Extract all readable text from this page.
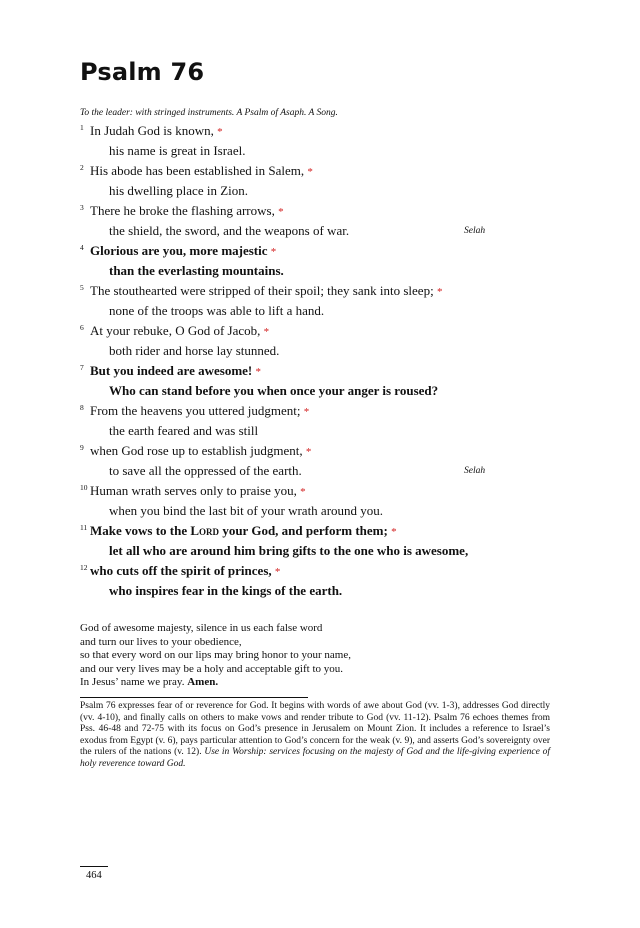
Psalm 76
To the leader: with stringed instruments. A Psalm of Asaph. A Song.
1 In Judah God is known, *
his name is great in Israel.
2 His abode has been established in Salem, *
his dwelling place in Zion.
3 There he broke the flashing arrows, *
the shield, the sword, and the weapons of war.	Selah
4 Glorious are you, more majestic *
than the everlasting mountains.
5 The stouthearted were stripped of their spoil; they sank into sleep; *
none of the troops was able to lift a hand.
6 At your rebuke, O God of Jacob, *
both rider and horse lay stunned.
7 But you indeed are awesome! *
Who can stand before you when once your anger is roused?
8 From the heavens you uttered judgment; *
the earth feared and was still
9 when God rose up to establish judgment, *
to save all the oppressed of the earth.	Selah
10 Human wrath serves only to praise you, *
when you bind the last bit of your wrath around you.
11 Make vows to the Lord your God, and perform them; *
let all who are around him bring gifts to the one who is awesome,
12 who cuts off the spirit of princes, *
who inspires fear in the kings of the earth.
God of awesome majesty, silence in us each false word
and turn our lives to your obedience,
so that every word on our lips may bring honor to your name,
and our very lives may be a holy and acceptable gift to you.
In Jesus’ name we pray. Amen.
Psalm 76 expresses fear of or reverence for God. It begins with words of awe about God (vv. 1-3), addresses God directly (vv. 4-10), and finally calls on others to make vows and render tribute to God (vv. 11-12). Psalm 76 echoes themes from Pss. 46-48 and 72-75 with its focus on God’s presence in Jerusalem on Mount Zion. It includes a reference to Israel’s exodus from Egypt (v. 6), pays particular attention to God’s concern for the weak (v. 9), and asserts God’s sovereignty over the rulers of the nations (v. 12). Use in Worship: services focusing on the majesty of God and the life-giving experience of holy reverence toward God.
464
